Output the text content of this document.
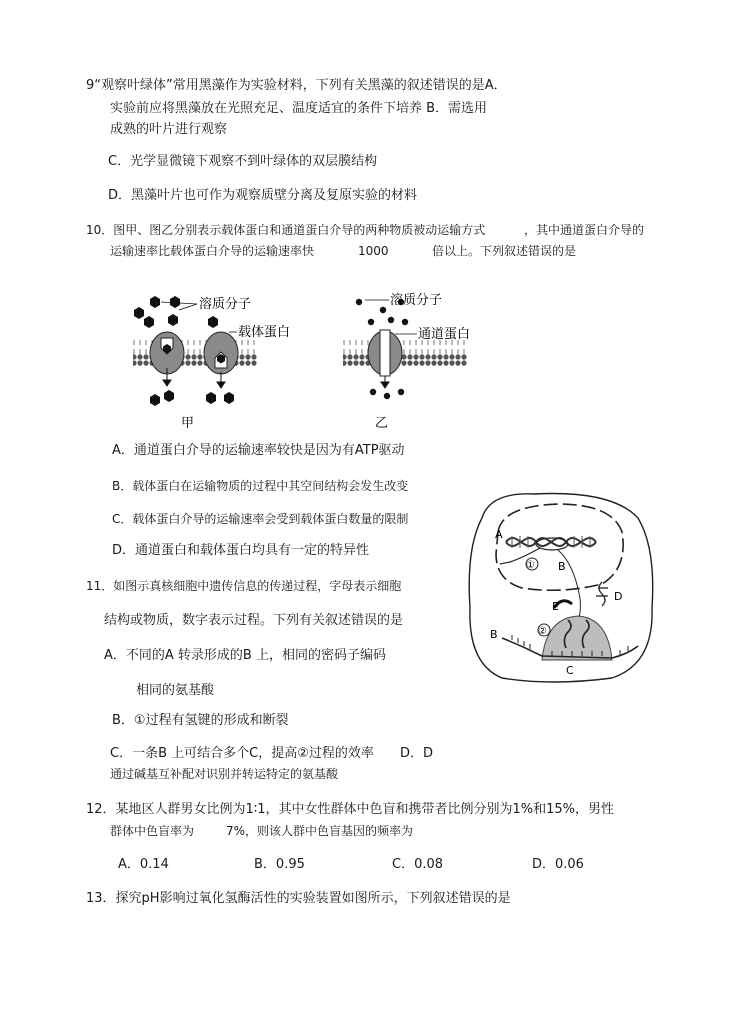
9“观察叶绿体”常用黑藻作为实验材料，下列有关黑藻的叙述错误的是A．
实验前应将黑藻放在光照充足、温度适宜的条件下培养 B．需选用
成熟的叶片进行观察
C．光学显微镜下观察不到叶绿体的双层膜结构
D．黑藻叶片也可作为观察质壁分离及复原实验的材料
10．图甲、图乙分别表示载体蛋白和通道蛋白介导的两种物质被动运输方式	，其中通道蛋白介导的
运输速率比载体蛋白介导的运输速率快	1000	倍以上。下列叙述错误的是
溶质分子
载体蛋白
甲
溶质分子
通道蛋白
乙
A．通道蛋白介导的运输速率较快是因为有ATP驱动
B．载体蛋白在运输物质的过程中其空间结构会发生改变
C．载体蛋白介导的运输速率会受到载体蛋白数量的限制
D．通道蛋白和载体蛋白均具有一定的特异性
11．如图示真核细胞中遗传信息的传递过程，字母表示细胞
结构或物质，数字表示过程。下列有关叙述错误的是
A．不同的A 转录形成的B 上，相同的密码子编码
相同的氨基酸
B．①过程有氢键的形成和断裂
C．一条B 上可结合多个C，提高②过程的效率 D．D
通过碱基互补配对识别并转运特定的氨基酸
A
① B
D
E
②
B
C
12．某地区人群男女比例为1∶1，其中女性群体中色盲和携带者比例分别为1%和15%，男性
群体中色盲率为	7%，则该人群中色盲基因的频率为
A．0.14	B．0.95	C．0.08	D．0.06
13．探究pH影响过氧化氢酶活性的实验装置如图所示，下列叙述错误的是
